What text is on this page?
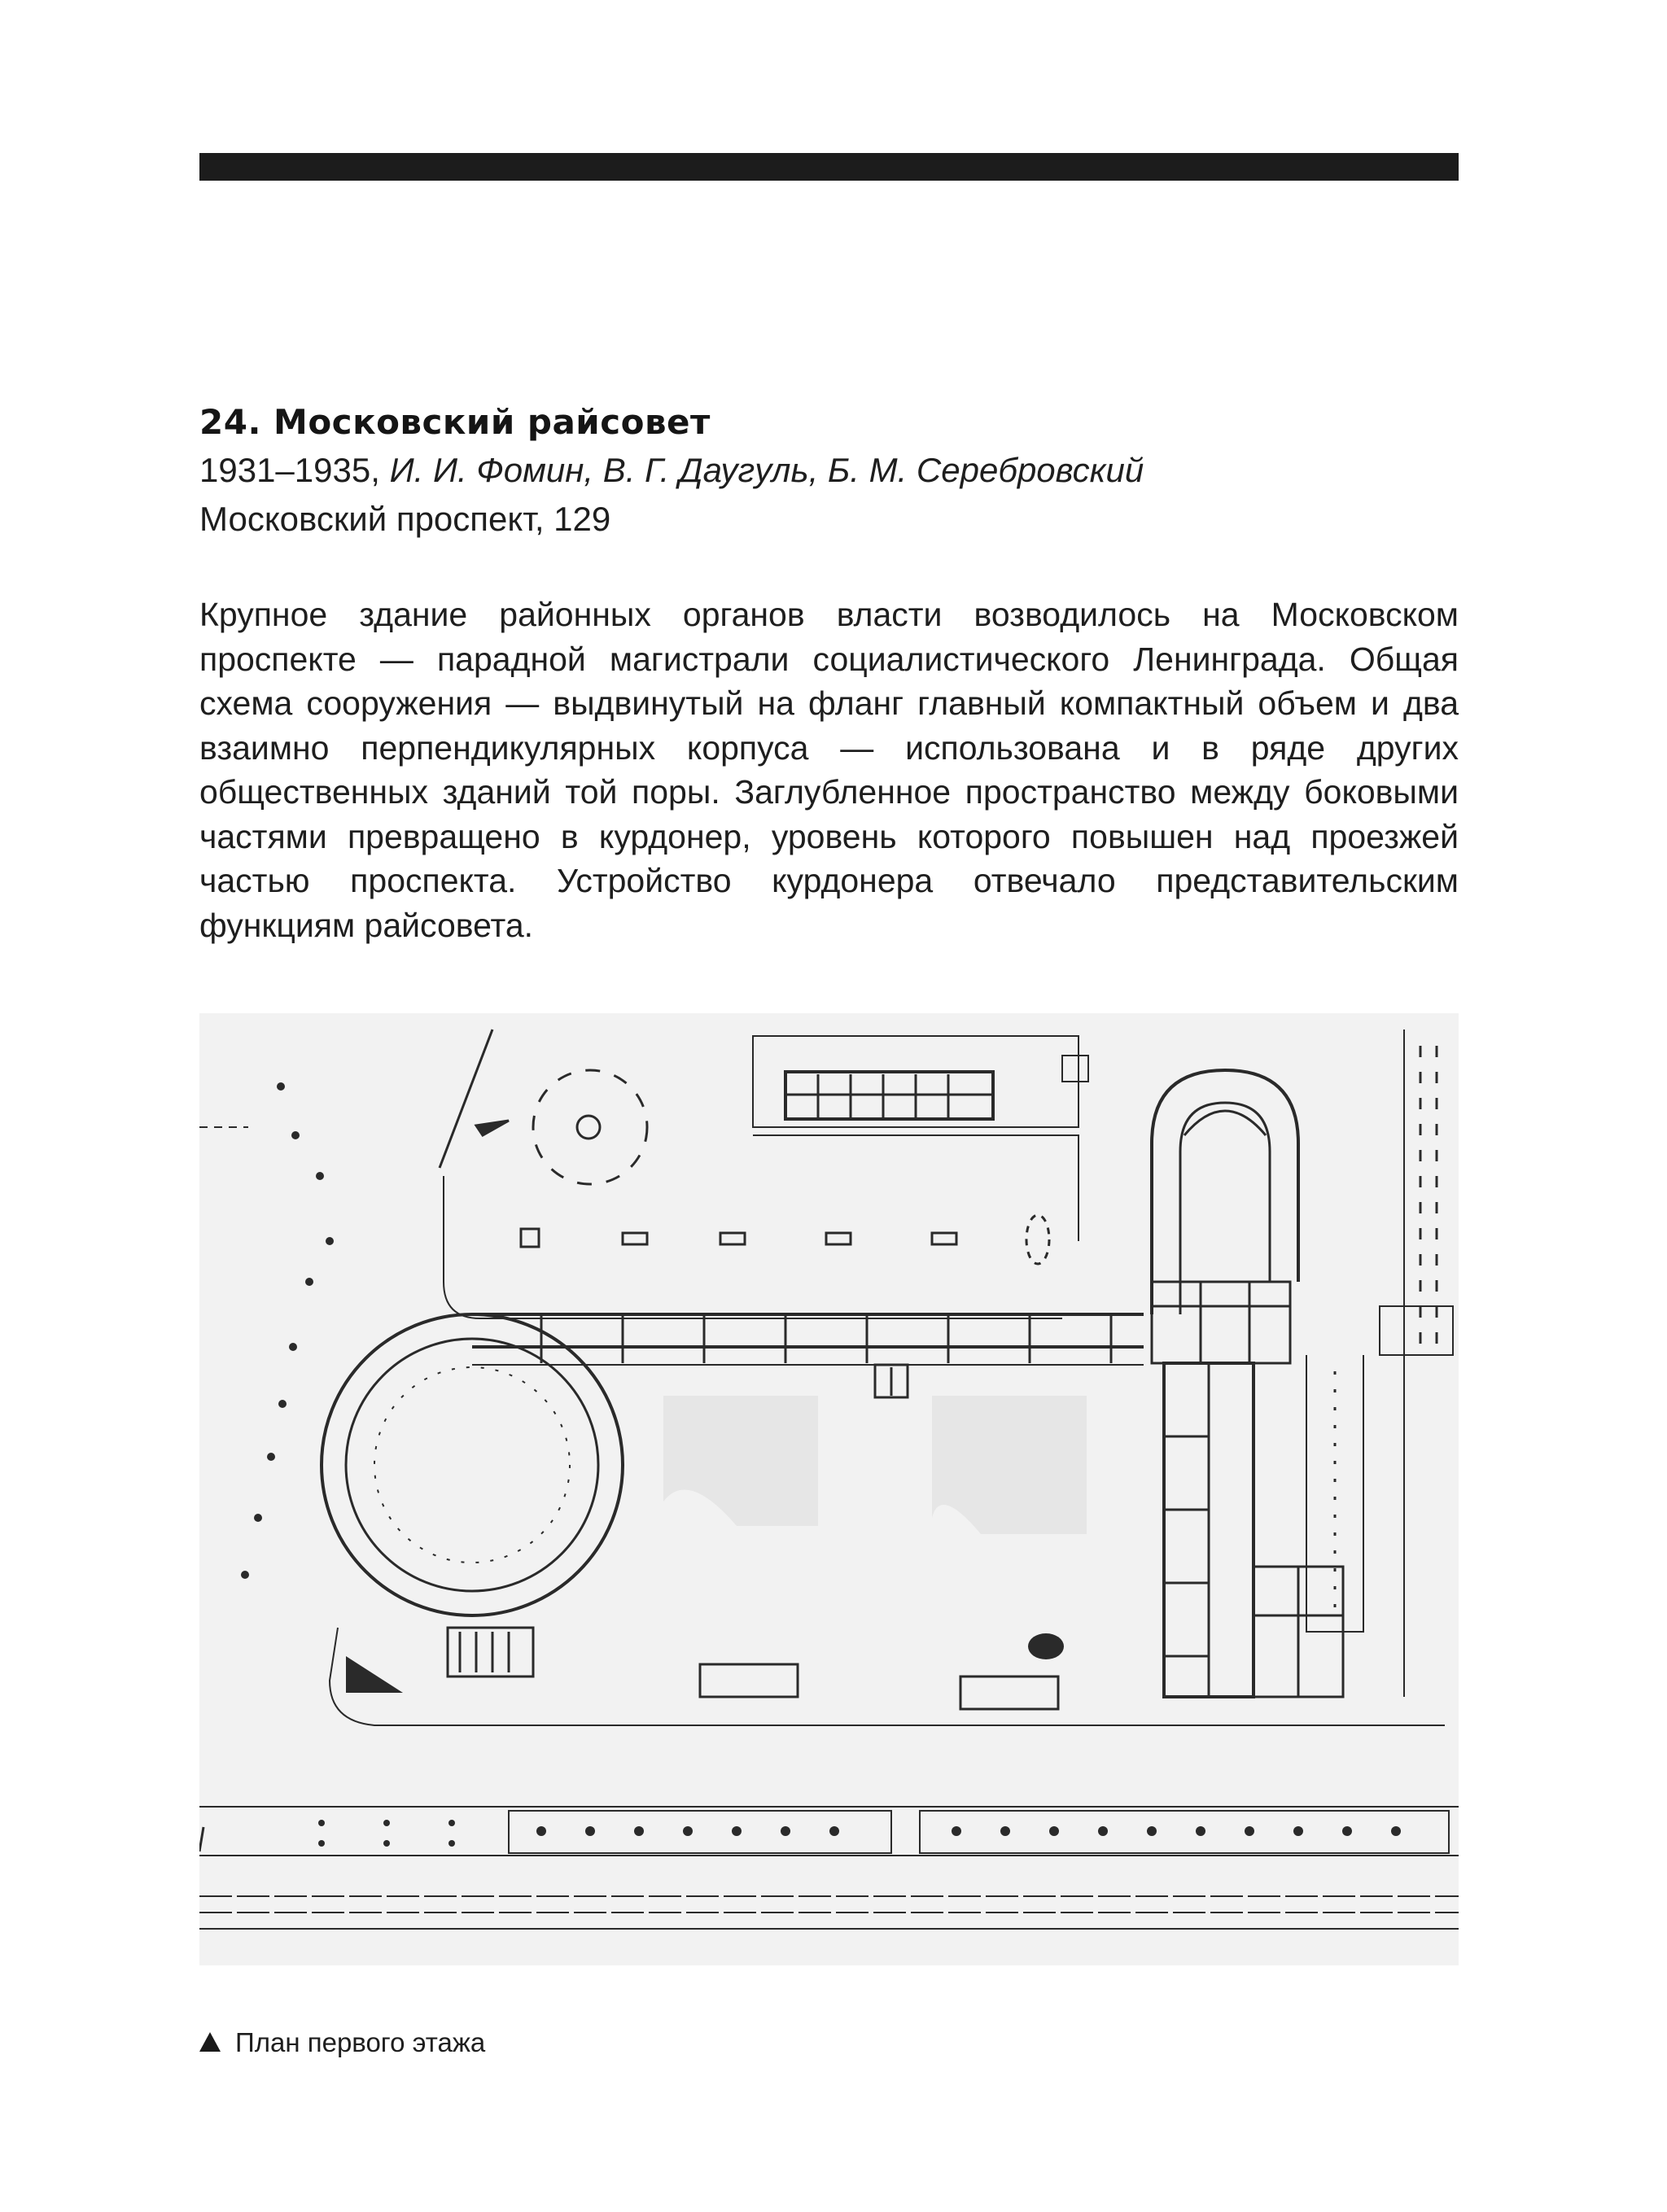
24. Московский райсовет
1931–1935, И. И. Фомин, В. Г. Даугуль, Б. М. Серебровский
Московский проспект, 129
Крупное здание районных органов власти возводилось на Московском проспекте — парадной магистрали социалистического Ленинграда. Общая схема сооружения — выдвинутый на фланг главный компактный объем и два взаимно перпендикулярных корпуса — использована и в ряде других общественных зданий той поры. Заглубленное пространство между боковыми частями превращено в курдонер, уровень которого повышен над проезжей частью проспекта. Устройство курдонера отвечало представительским функциям райсовета.
План первого этажа
